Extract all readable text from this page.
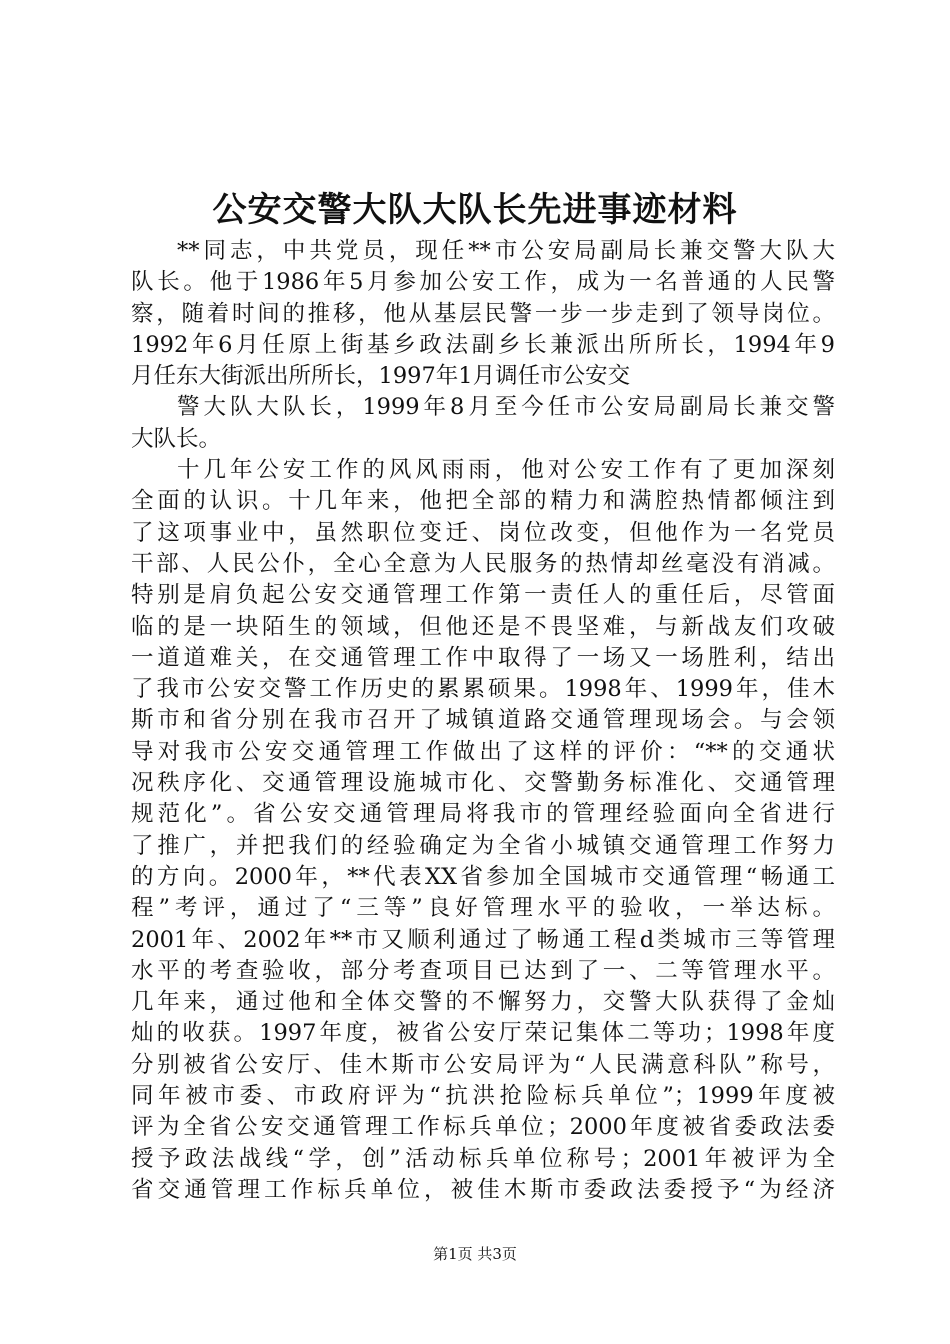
公安交警大队大队长先进事迹材料
**同志，中共党员，现任**市公安局副局长兼交警大队大
队长。他于1986年5月参加公安工作，成为一名普通的人民警
察，随着时间的推移，他从基层民警一步一步走到了领导岗位。
1992年6月任原上街基乡政法副乡长兼派出所所长，1994年9
月任东大街派出所所长，1997年1月调任市公安交
警大队大队长，1999年8月至今任市公安局副局长兼交警
大队长。
十几年公安工作的风风雨雨，他对公安工作有了更加深刻
全面的认识。十几年来，他把全部的精力和满腔热情都倾注到
了这项事业中，虽然职位变迁、岗位改变，但他作为一名党员
干部、人民公仆，全心全意为人民服务的热情却丝毫没有消减。
特别是肩负起公安交通管理工作第一责任人的重任后，尽管面
临的是一块陌生的领域，但他还是不畏坚难，与新战友们攻破
一道道难关，在交通管理工作中取得了一场又一场胜利，结出
了我市公安交警工作历史的累累硕果。1998年、1999年，佳木
斯市和省分别在我市召开了城镇道路交通管理现场会。与会领
导对我市公安交通管理工作做出了这样的评价：“**的交通状
况秩序化、交通管理设施城市化、交警勤务标准化、交通管理
规范化”。省公安交通管理局将我市的管理经验面向全省进行
了推广，并把我们的经验确定为全省小城镇交通管理工作努力
的方向。2000年，**代表XX省参加全国城市交通管理“畅通工
程”考评，通过了“三等”良好管理水平的验收，一举达标。
2001年、2002年**市又顺利通过了畅通工程d类城市三等管理
水平的考查验收，部分考查项目已达到了一、二等管理水平。
几年来，通过他和全体交警的不懈努力，交警大队获得了金灿
灿的收获。1997年度，被省公安厅荣记集体二等功；1998年度
分别被省公安厅、佳木斯市公安局评为“人民满意科队”称号，
同年被市委、市政府评为“抗洪抢险标兵单位”；1999年度被
评为全省公安交通管理工作标兵单位；2000年度被省委政法委
授予政法战线“学，创”活动标兵单位称号；2001年被评为全
省交通管理工作标兵单位，被佳木斯市委政法委授予“为经济
第1页 共3页
